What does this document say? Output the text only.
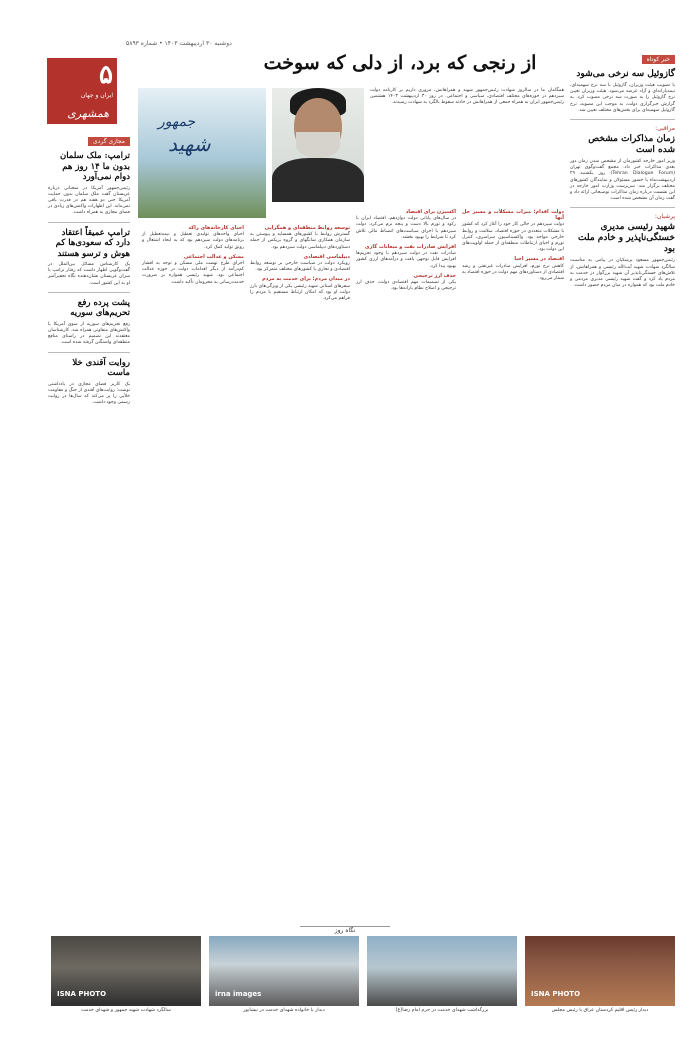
دوشنبه ۳۰ اردیبهشت ۱۴۰۳ • شماره ۵۸۹۳
از رنجی که برد، از دلی که سوخت
۵
ایران و جهان
همشهری
خبر کوتاه
گازوئیل سه نرخی می‌شود
با تصویب هیئت وزیران، گازوئیل با سه نرخ سهمیه‌ای، نیمه‌یارانه‌ای و آزاد عرضه می‌شود. هیئت وزیران تعیین نرخ گازوئیل را به صورت سه نرخی مصوب کرد. به گزارش خبرگزاری دولت، به موجب این مصوبه، نرخ گازوئیل سهمیه‌ای برای بخش‌های مختلف تعیین شد.
مراقبی:
زمان مذاکرات مشخص شده است
وزیر امور خارجه کشورمان از مشخص شدن زمان دور بعدی مذاکرات خبر داد. مجمع گفت‌وگوی تهران (Tehran Dialogue Forum) روز یکشنبه ۲۹ اردیبهشت‌ماه با حضور مسئولان و نمایندگان کشورهای مختلف برگزار شد. سرپرست وزارت امور خارجه در این نشست درباره زمان مذاکرات توضیحاتی ارائه داد و گفت زمان آن مشخص شده است.
پرشیان:
شهید رئیسی مدیری خستگی‌ناپذیر و خادم ملت بود
رئیس‌جمهور مسعود پزشکیان در پیامی به مناسبت سالگرد شهادت شهید آیت‌الله رئیسی و همراهانش، از تلاش‌های خستگی‌ناپذیر آن شهید بزرگوار در خدمت به مردم یاد کرد و گفت شهید رئیسی مدیری مردمی و خادم ملت بود که همواره در میان مردم حضور داشت.
مجازی گردی
ترامپ: ملک سلمان بدون ما ۱۴ روز هم دوام نمی‌آورد
رئیس‌جمهور آمریکا در سخنانی درباره عربستان گفت ملک سلمان بدون حمایت آمریکا حتی دو هفته هم در قدرت باقی نمی‌ماند. این اظهارات واکنش‌های زیادی در فضای مجازی به همراه داشت.
ترامپ عمیقاً اعتقاد دارد که سعودی‌ها کم هوش و ترسو هستند
یک کارشناس مسائل بین‌الملل در گفت‌وگویی اظهار داشت که رفتار ترامپ با سران عربستان نشان‌دهنده نگاه تحقیرآمیز او به این کشور است.
پشت پرده رفع تحریم‌های سوریه
رفع تحریم‌های سوریه از سوی آمریکا با واکنش‌های متفاوتی همراه شد. کارشناسان معتقدند این تصمیم در راستای منافع منطقه‌ای واشنگتن گرفته شده است.
روایت آقندی خلا ماست
یک کاربر فضای مجازی در یادداشتی نوشت: روایت‌های آقندی از جنگ و مقاومت خلأیی را پر می‌کند که سال‌ها در روایت رسمی وجود داشت.
جمهور
شهید
همگامان ما در سالروز شهادت رئیس‌جمهور شهید و همراهانش، مروری داریم بر کارنامه دولت سیزدهم در حوزه‌های مختلف اقتصادی، سیاسی و اجتماعی. در روز ۳۰ اردیبهشت ۱۴۰۳ هشتمین رئیس‌جمهور ایران به همراه جمعی از همراهانش در حادثه سقوط بالگرد به شهادت رسیدند.
دولت اقدام؛ میراث مشکلات و مسیر حل آنها
دولت سیزدهم در حالی کار خود را آغاز کرد که کشور با مشکلات متعددی در حوزه اقتصاد، سلامت و روابط خارجی مواجه بود. واکسیناسیون سراسری، کنترل تورم و احیای ارتباطات منطقه‌ای از جمله اولویت‌های این دولت بود.
اقتصاد در مسیر احیا
کاهش نرخ تورم، افزایش صادرات غیرنفتی و رشد اقتصادی از دستاوردهای مهم دولت در حوزه اقتصاد به شمار می‌رود.
اکسیژن برای اقتصاد
در سال‌های پایانی دولت دوازدهم، اقتصاد ایران با رکود و تورم بالا دست و پنجه نرم می‌کرد. دولت سیزدهم با اجرای سیاست‌های انضباط مالی تلاش کرد تا شرایط را بهبود بخشد.
افزایش صادرات نفت و میعانات گازی
صادرات نفت در دولت سیزدهم با وجود تحریم‌ها افزایش قابل توجهی یافت و درآمدهای ارزی کشور بهبود پیدا کرد.
حذف ارز ترجیحی
یکی از تصمیمات مهم اقتصادی دولت، حذف ارز ترجیحی و اصلاح نظام یارانه‌ها بود.
توسعه روابط منطقه‌ای و همگرایی
گسترش روابط با کشورهای همسایه و پیوستن به سازمان همکاری شانگهای و گروه بریکس از جمله دستاوردهای دیپلماسی دولت سیزدهم بود.
دیپلماسی اقتصادی
رویکرد دولت در سیاست خارجی بر توسعه روابط اقتصادی و تجاری با کشورهای مختلف متمرکز بود.
در میدان مردم؛ برای خدمت به مردم
سفرهای استانی شهید رئیسی یکی از ویژگی‌های بارز دولت او بود که امکان ارتباط مستقیم با مردم را فراهم می‌کرد.
احیای کارخانه‌های راکد
احیای واحدهای تولیدی تعطیل و نیمه‌تعطیل از برنامه‌های دولت سیزدهم بود که به ایجاد اشتغال و رونق تولید کمک کرد.
مسکن و عدالت اجتماعی
اجرای طرح نهضت ملی مسکن و توجه به اقشار کم‌درآمد از دیگر اقدامات دولت در حوزه عدالت اجتماعی بود. شهید رئیسی همواره بر ضرورت خدمت‌رسانی به محرومان تأکید داشت.
نگاه روز
ISNA PHOTO
irna images
ISNA PHOTO
دیدار رئیس اقلیم کردستان عراق با رئیس مجلس
بزرگداشت شهدای خدمت در حرم امام رضا(ع)
دیدار با خانواده شهدای خدمت در نیشابور
سالگرد شهادت شهید جمهور و شهدای خدمت
